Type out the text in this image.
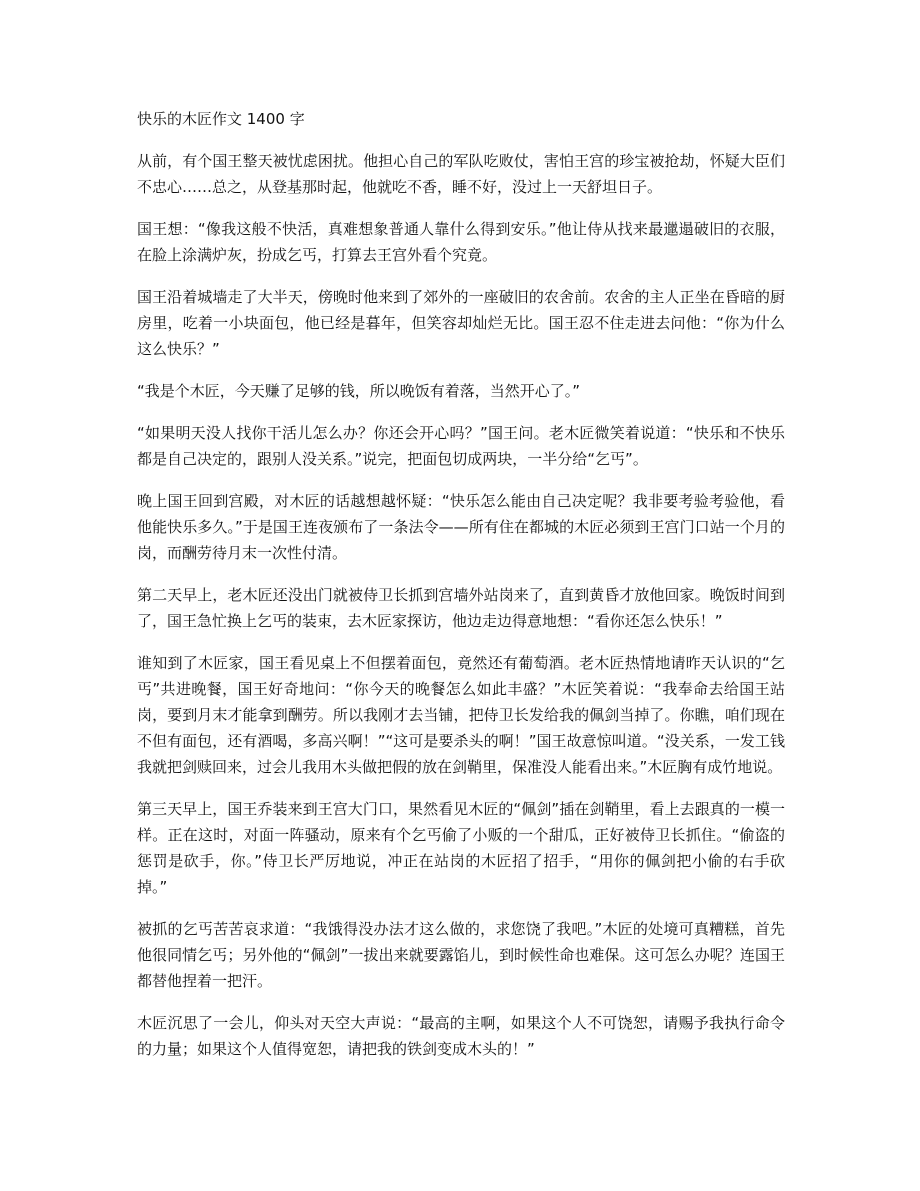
快乐的木匠作文 1400 字

从前，有个国王整天被忧虑困扰。他担心自己的军队吃败仗，害怕王宫的珍宝被抢劫，怀疑大臣们不忠心……总之，从登基那时起，他就吃不香，睡不好，没过上一天舒坦日子。

国王想：“像我这般不快活，真难想象普通人靠什么得到安乐。”他让侍从找来最邋遢破旧的衣服，在脸上涂满炉灰，扮成乞丐，打算去王宫外看个究竟。

国王沿着城墙走了大半天，傍晚时他来到了郊外的一座破旧的农舍前。农舍的主人正坐在昏暗的厨房里，吃着一小块面包，他已经是暮年，但笑容却灿烂无比。国王忍不住走进去问他：“你为什么这么快乐？”

“我是个木匠，今天赚了足够的钱，所以晚饭有着落，当然开心了。”

“如果明天没人找你干活儿怎么办？你还会开心吗？”国王问。老木匠微笑着说道：“快乐和不快乐都是自己决定的，跟别人没关系。”说完，把面包切成两块，一半分给“乞丐”。

晚上国王回到宫殿，对木匠的话越想越怀疑：“快乐怎么能由自己决定呢？我非要考验考验他，看他能快乐多久。”于是国王连夜颁布了一条法令——所有住在都城的木匠必须到王宫门口站一个月的岗，而酬劳待月末一次性付清。

第二天早上，老木匠还没出门就被侍卫长抓到宫墙外站岗来了，直到黄昏才放他回家。晚饭时间到了，国王急忙换上乞丐的装束，去木匠家探访，他边走边得意地想：“看你还怎么快乐！”

谁知到了木匠家，国王看见桌上不但摆着面包，竟然还有葡萄酒。老木匠热情地请昨天认识的“乞丐”共进晚餐，国王好奇地问：“你今天的晚餐怎么如此丰盛？”木匠笑着说：“我奉命去给国王站岗，要到月末才能拿到酬劳。所以我刚才去当铺，把侍卫长发给我的佩剑当掉了。你瞧，咱们现在不但有面包，还有酒喝，多高兴啊！”“这可是要杀头的啊！”国王故意惊叫道。“没关系，一发工钱我就把剑赎回来，过会儿我用木头做把假的放在剑鞘里，保准没人能看出来。”木匠胸有成竹地说。

第三天早上，国王乔装来到王宫大门口，果然看见木匠的“佩剑”插在剑鞘里，看上去跟真的一模一样。正在这时，对面一阵骚动，原来有个乞丐偷了小贩的一个甜瓜，正好被侍卫长抓住。“偷盗的惩罚是砍手，你。”侍卫长严厉地说，冲正在站岗的木匠招了招手，“用你的佩剑把小偷的右手砍掉。”

被抓的乞丐苦苦哀求道：“我饿得没办法才这么做的，求您饶了我吧。”木匠的处境可真糟糕，首先他很同情乞丐；另外他的“佩剑”一拔出来就要露馅儿，到时候性命也难保。这可怎么办呢？连国王都替他捏着一把汗。

木匠沉思了一会儿，仰头对天空大声说：“最高的主啊，如果这个人不可饶恕，请赐予我执行命令的力量；如果这个人值得宽恕，请把我的铁剑变成木头的！”
